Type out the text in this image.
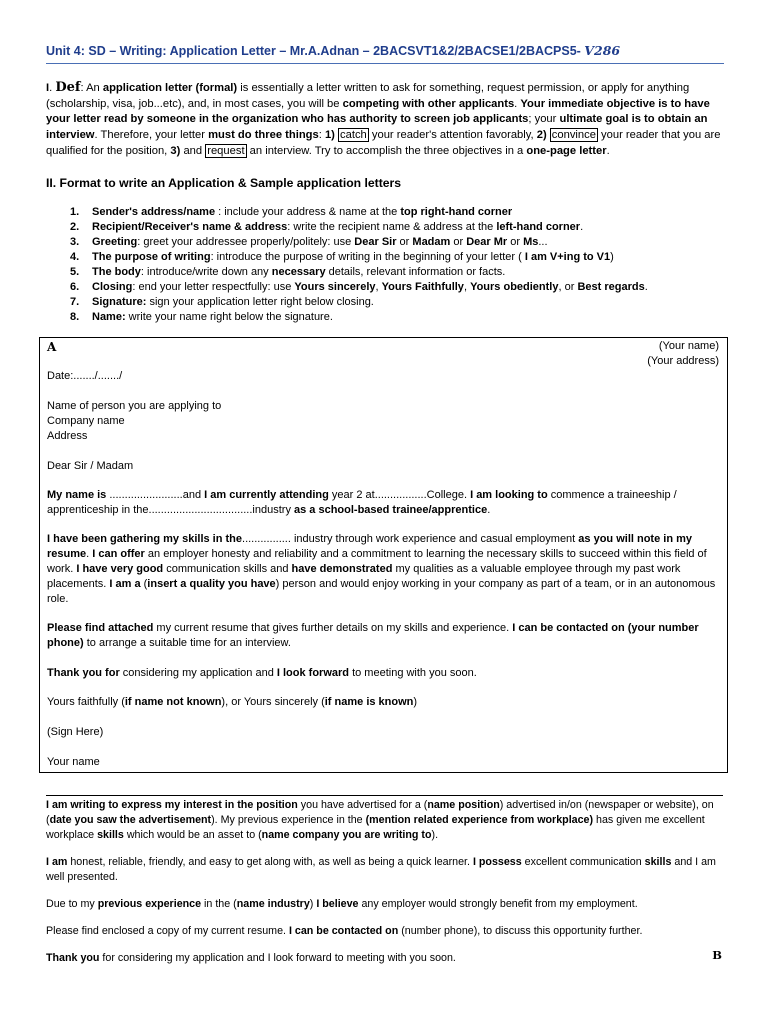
Unit 4: SD – Writing: Application Letter – Mr.A.Adnan – 2BACSVT1&2/2BACSE1/2BACPS5- V286
I. Def: An application letter (formal) is essentially a letter written to ask for something, request permission, or apply for anything (scholarship, visa, job...etc), and, in most cases, you will be competing with other applicants. Your immediate objective is to have your letter read by someone in the organization who has authority to screen job applicants; your ultimate goal is to obtain an interview. Therefore, your letter must do three things: 1) catch your reader's attention favorably, 2) convince your reader that you are qualified for the position, 3) and request an interview. Try to accomplish the three objectives in a one-page letter.
II. Format to write an Application & Sample application letters
1. Sender's address/name : include your address & name at the top right-hand corner
2. Recipient/Receiver's name & address: write the recipient name & address at the left-hand corner.
3. Greeting: greet your addressee properly/politely: use Dear Sir or Madam or Dear Mr or Ms...
4. The purpose of writing: introduce the purpose of writing in the beginning of your letter ( I am V+ing to V1)
5. The body: introduce/write down any necessary details, relevant information or facts.
6. Closing: end your letter respectfully: use Yours sincerely, Yours Faithfully, Yours obediently, or Best regards.
7. Signature: sign your application letter right below closing.
8. Name: write your name right below the signature.
A	(Your name)
(Your address)
Date:......./......./
Name of person you are applying to
Company name
Address
Dear Sir / Madam
My name is ........................and I am currently attending year 2 at.................College. I am looking to commence a traineeship / apprenticeship in the..................................industry as a school-based trainee/apprentice.
I have been gathering my skills in the................ industry through work experience and casual employment as you will note in my resume. I can offer an employer honesty and reliability and a commitment to learning the necessary skills to succeed within this field of work. I have very good communication skills and have demonstrated my qualities as a valuable employee through my past work placements. I am a (insert a quality you have) person and would enjoy working in your company as part of a team, or in an autonomous role.
Please find attached my current resume that gives further details on my skills and experience. I can be contacted on (your number phone) to arrange a suitable time for an interview.
Thank you for considering my application and I look forward to meeting with you soon.
Yours faithfully (if name not known), or Yours sincerely (if name is known)
(Sign Here)
Your name

I am writing to express my interest in the position you have advertised for a (name position) advertised in/on (newspaper or website), on (date you saw the advertisement). My previous experience in the (mention related experience from workplace) has given me excellent workplace skills which would be an asset to (name company you are writing to).

I am honest, reliable, friendly, and easy to get along with, as well as being a quick learner. I possess excellent communication skills and I am well presented.

Due to my previous experience in the (name industry) I believe any employer would strongly benefit from my employment.

Please find enclosed a copy of my current resume. I can be contacted on (number phone), to discuss this opportunity further.

Thank you for considering my application and I look forward to meeting with you soon.	B
